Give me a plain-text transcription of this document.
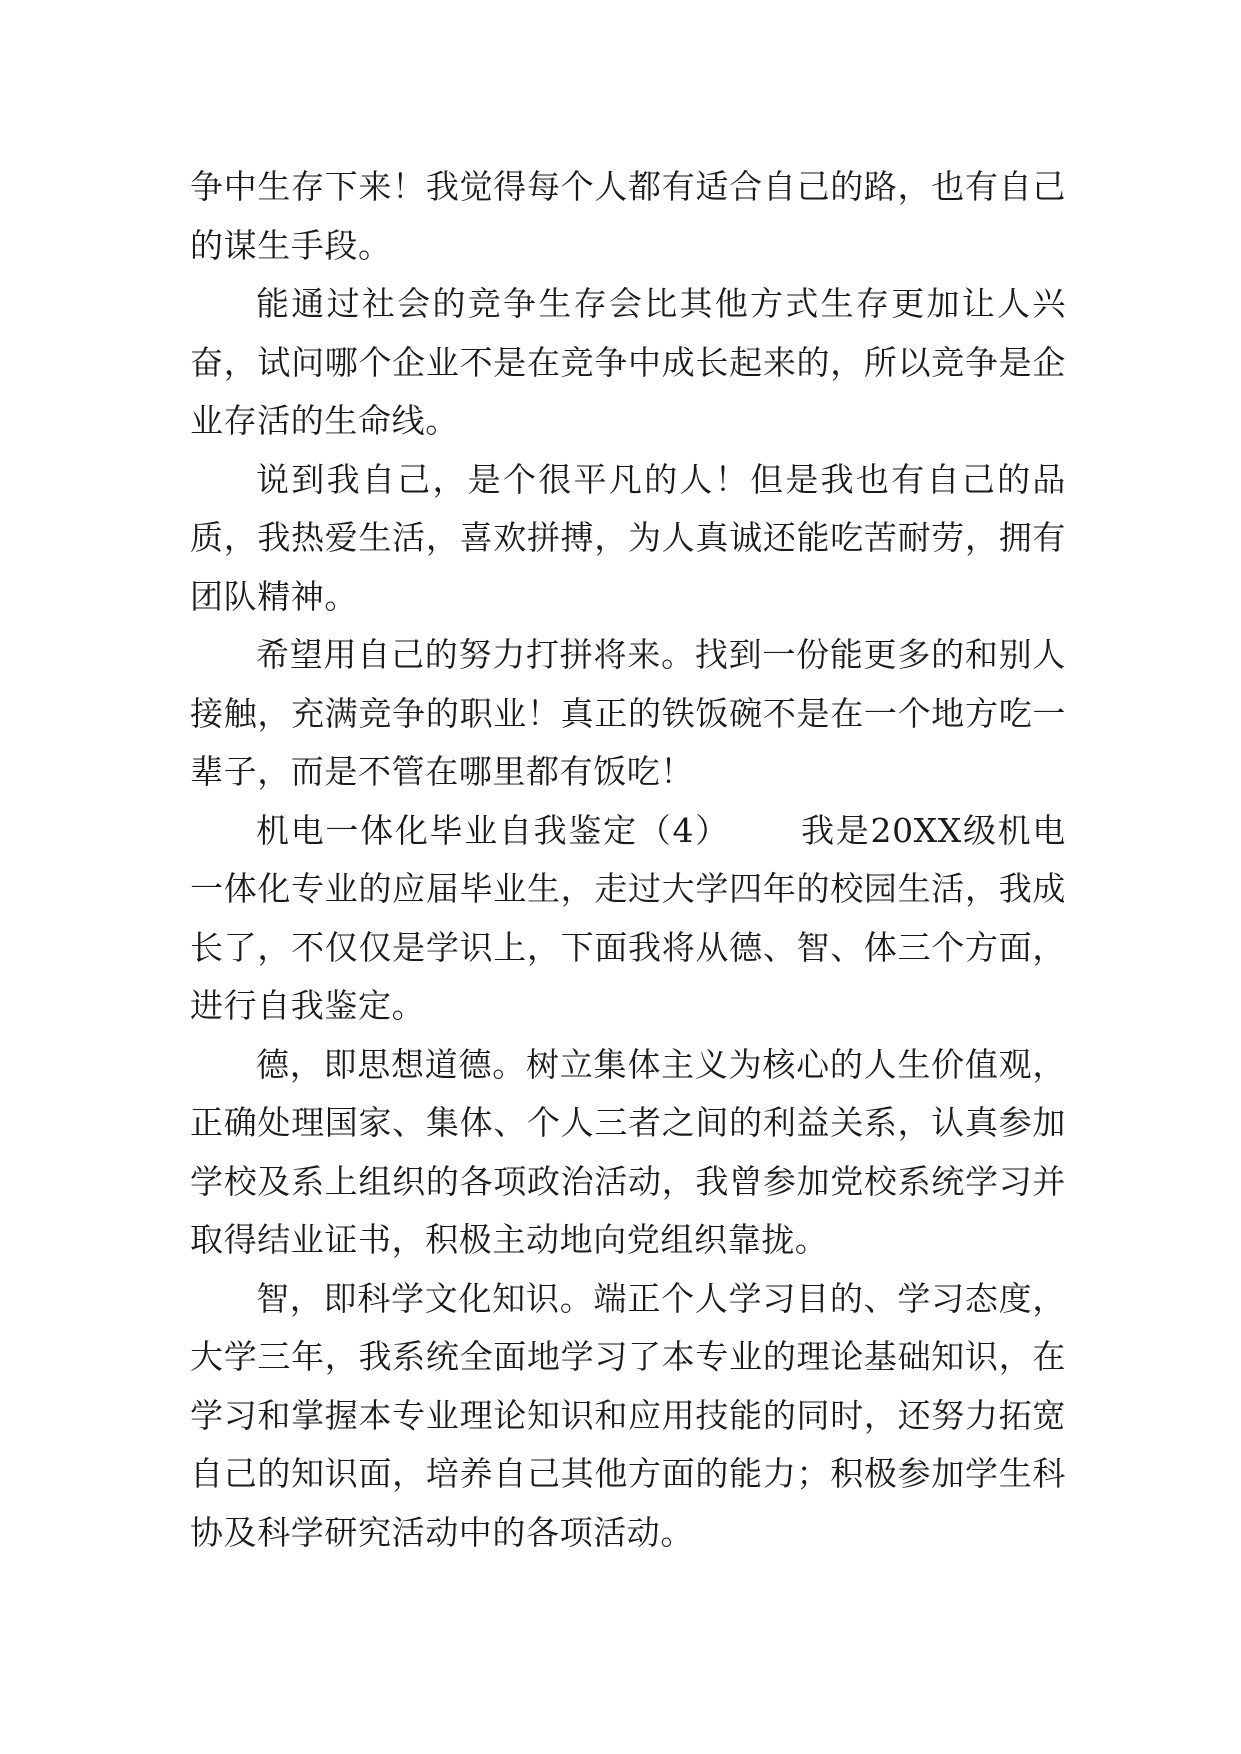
争中生存下来！我觉得每个人都有适合自己的路，也有自己的谋生手段。

能通过社会的竞争生存会比其他方式生存更加让人兴奋，试问哪个企业不是在竞争中成长起来的，所以竞争是企业存活的生命线。

说到我自己，是个很平凡的人！但是我也有自己的品质，我热爱生活，喜欢拼搏，为人真诚还能吃苦耐劳，拥有团队精神。

希望用自己的努力打拼将来。找到一份能更多的和别人接触，充满竞争的职业！真正的铁饭碗不是在一个地方吃一辈子，而是不管在哪里都有饭吃！

机电一体化毕业自我鉴定（4） 我是20XX级机电一体化专业的应届毕业生，走过大学四年的校园生活，我成长了，不仅仅是学识上，下面我将从德、智、体三个方面，进行自我鉴定。

德，即思想道德。树立集体主义为核心的人生价值观，正确处理国家、集体、个人三者之间的利益关系，认真参加学校及系上组织的各项政治活动，我曾参加党校系统学习并取得结业证书，积极主动地向党组织靠拢。

智，即科学文化知识。端正个人学习目的、学习态度，大学三年，我系统全面地学习了本专业的理论基础知识，在学习和掌握本专业理论知识和应用技能的同时，还努力拓宽自己的知识面，培养自己其他方面的能力；积极参加学生科协及科学研究活动中的各项活动。
